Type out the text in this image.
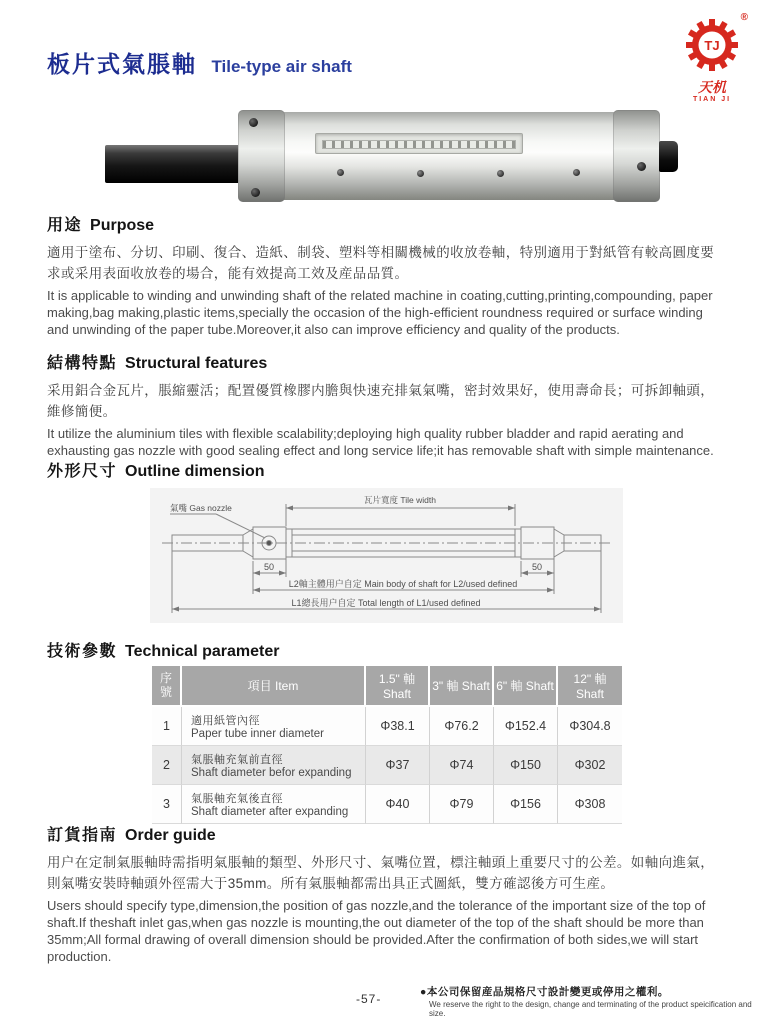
板片式氣脹軸 Tile-type air shaft
®
TJ
天机
TIAN JI
用途 Purpose
適用于塗布、分切、印刷、復合、造紙、制袋、塑料等相關機械的收放卷軸，特別適用于對紙管有較高圓度要求或采用表面收放卷的場合，能有效提高工效及産品品質。
It is applicable to winding and unwinding shaft of the related machine in coating,cutting,printing,compounding, paper making,bag making,plastic items,specially the occasion of the high-efficient roundness required or surface winding and unwinding of the paper tube.Moreover,it also can improve efficiency and quality of the products.
結構特點 Structural features
采用鋁合金瓦片，脹縮靈活；配置優質橡膠内膽與快速充排氣氣嘴，密封效果好，使用壽命長；可拆卸軸頭，維修簡便。
It utilize the aluminium tiles with flexible scalability;deploying high quality rubber bladder and rapid aerating and exhausting gas nozzle with good sealing effect and long service life;it has removable shaft with simple maintenance.
外形尺寸 Outline dimension
氣嘴 Gas nozzle
瓦片寬度 Tile width
50	50
L2軸主體用户自定 Main body of shaft for L2/used defined
L1總長用户自定 Total length of L1/used defined
技術參數 Technical parameter
序號	項目 Item	1.5" 軸 Shaft	3" 軸 Shaft	6" 軸 Shaft	12" 軸 Shaft
1	適用紙管內徑
Paper tube inner diameter	Φ38.1	Φ76.2	Φ152.4	Φ304.8
2	氣脹軸充氣前直徑
Shaft diameter befor expanding	Φ37	Φ74	Φ150	Φ302
3	氣脹軸充氣後直徑
Shaft diameter after expanding	Φ40	Φ79	Φ156	Φ308
訂貨指南 Order guide
用户在定制氣脹軸時需指明氣脹軸的類型、外形尺寸、氣嘴位置，標注軸頭上重要尺寸的公差。如軸向進氣，則氣嘴安裝時軸頭外徑需大于35mm。所有氣脹軸都需出具正式圖紙，雙方確認後方可生産。
Users should specify type,dimension,the position of gas nozzle,and the tolerance of the important size of the top of shaft.If theshaft inlet gas,when gas nozzle is mounting,the out diameter of the top of the shaft should be more than 35mm;All formal drawing of overall dimension should be provided.After the confirmation of both sides,we will start production.
-57-	●本公司保留産品規格尺寸設計變更或停用之權利。
We reserve the right to the design, change and terminating of the product speicification and size.
